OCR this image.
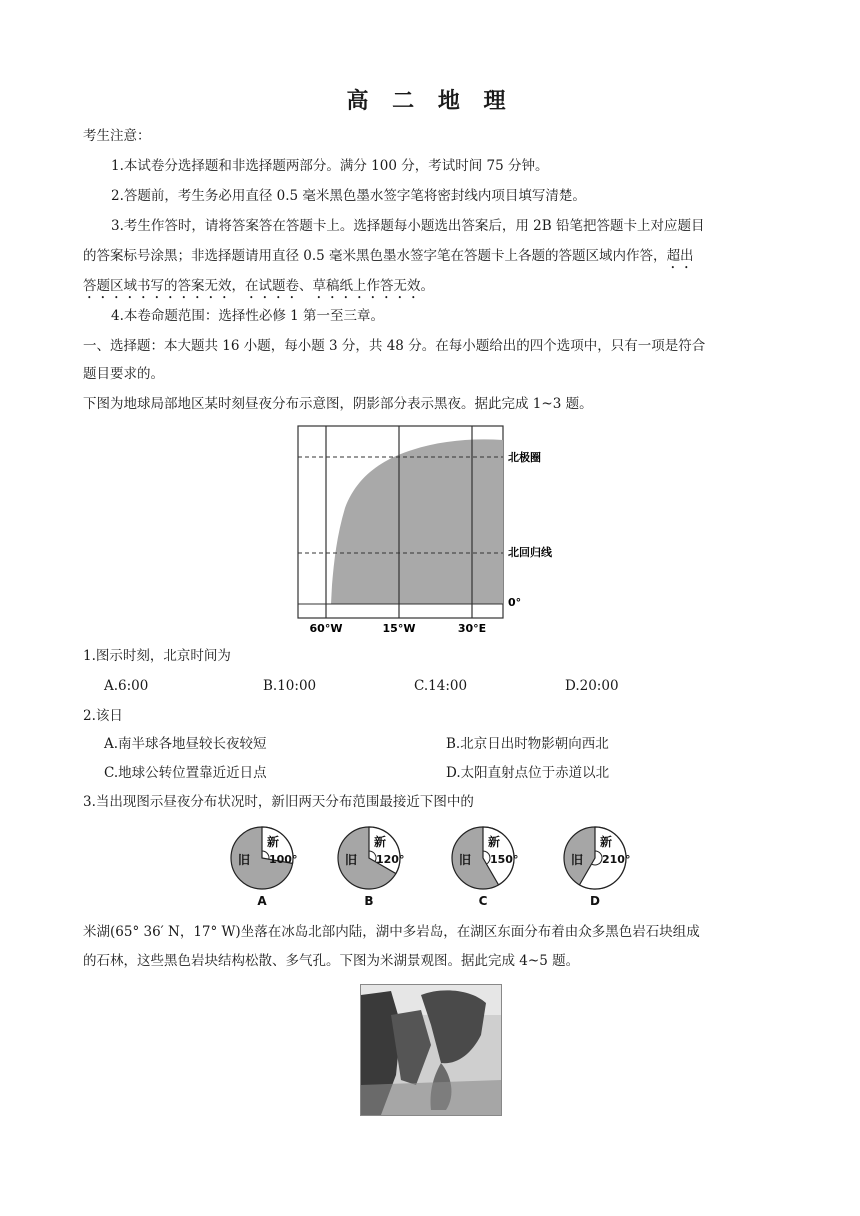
高 二 地 理
考生注意：
1.本试卷分选择题和非选择题两部分。满分 100 分，考试时间 75 分钟。
2.答题前，考生务必用直径 0.5 毫米黑色墨水签字笔将密封线内项目填写清楚。
3.考生作答时，请将答案答在答题卡上。选择题每小题选出答案后，用 2B 铅笔把答题卡上对应题目
的答案标号涂黑；非选择题请用直径 0.5 毫米黑色墨水签字笔在答题卡上各题的答题区域内作答，超出
答题区域书写的答案无效，在试题卷、草稿纸上作答无效。
4.本卷命题范围：选择性必修 1 第一至三章。
一、选择题：本大题共 16 小题，每小题 3 分，共 48 分。在每小题给出的四个选项中，只有一项是符合
题目要求的。
下图为地球局部地区某时刻昼夜分布示意图，阴影部分表示黑夜。据此完成 1~3 题。
北极圈
北回归线
0°
60°W	15°W	30°E
1.图示时刻，北京时间为
A.6:00	B.10:00	C.14:00	D.20:00
2.该日
A.南半球各地昼较长夜较短	B.北京日出时物影朝向西北
C.地球公转位置靠近近日点	D.太阳直射点位于赤道以北
3.当出现图示昼夜分布状况时，新旧两天分布范围最接近下图中的
新
100°
旧
A
新
120°
旧
B
新
150°
旧
C
新
210°
旧
D
米湖(65° 36′ N，17° W)坐落在冰岛北部内陆，湖中多岩岛，在湖区东面分布着由众多黑色岩石块组成
的石林，这些黑色岩块结构松散、多气孔。下图为米湖景观图。据此完成 4~5 题。
